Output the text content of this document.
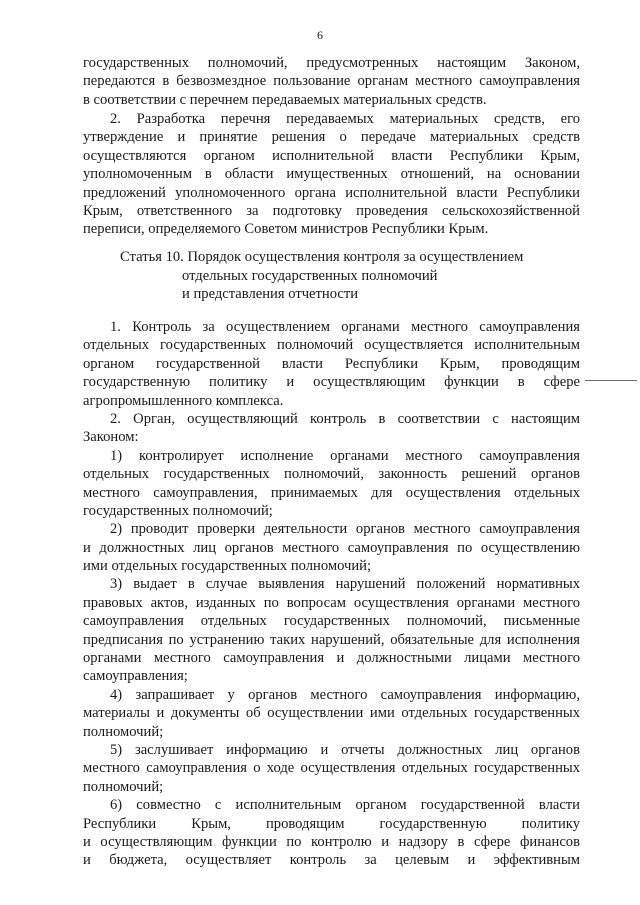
6
государственных полномочий, предусмотренных настоящим Законом,
передаются в безвозмездное пользование органам местного самоуправления
в соответствии с перечнем передаваемых материальных средств.
2. Разработка перечня передаваемых материальных средств, его
утверждение и принятие решения о передаче материальных средств
осуществляются органом исполнительной власти Республики Крым,
уполномоченным в области имущественных отношений, на основании
предложений уполномоченного органа исполнительной власти Республики
Крым, ответственного за подготовку проведения сельскохозяйственной
переписи, определяемого Советом министров Республики Крым.
Статья 10. Порядок осуществления контроля за осуществлением
отдельных государственных полномочий
и представления отчетности
1. Контроль за осуществлением органами местного самоуправления
отдельных государственных полномочий осуществляется исполнительным
органом государственной власти Республики Крым, проводящим
государственную политику и осуществляющим функции в сфере
агропромышленного комплекса.
2. Орган, осуществляющий контроль в соответствии с настоящим
Законом:
1) контролирует исполнение органами местного самоуправления
отдельных государственных полномочий, законность решений органов
местного самоуправления, принимаемых для осуществления отдельных
государственных полномочий;
2) проводит проверки деятельности органов местного самоуправления
и должностных лиц органов местного самоуправления по осуществлению
ими отдельных государственных полномочий;
3) выдает в случае выявления нарушений положений нормативных
правовых актов, изданных по вопросам осуществления органами местного
самоуправления отдельных государственных полномочий, письменные
предписания по устранению таких нарушений, обязательные для исполнения
органами местного самоуправления и должностными лицами местного
самоуправления;
4) запрашивает у органов местного самоуправления информацию,
материалы и документы об осуществлении ими отдельных государственных
полномочий;
5) заслушивает информацию и отчеты должностных лиц органов
местного самоуправления о ходе осуществления отдельных государственных
полномочий;
6) совместно с исполнительным органом государственной власти
Республики Крым, проводящим государственную политику
и осуществляющим функции по контролю и надзору в сфере финансов
и бюджета, осуществляет контроль за целевым и эффективным
